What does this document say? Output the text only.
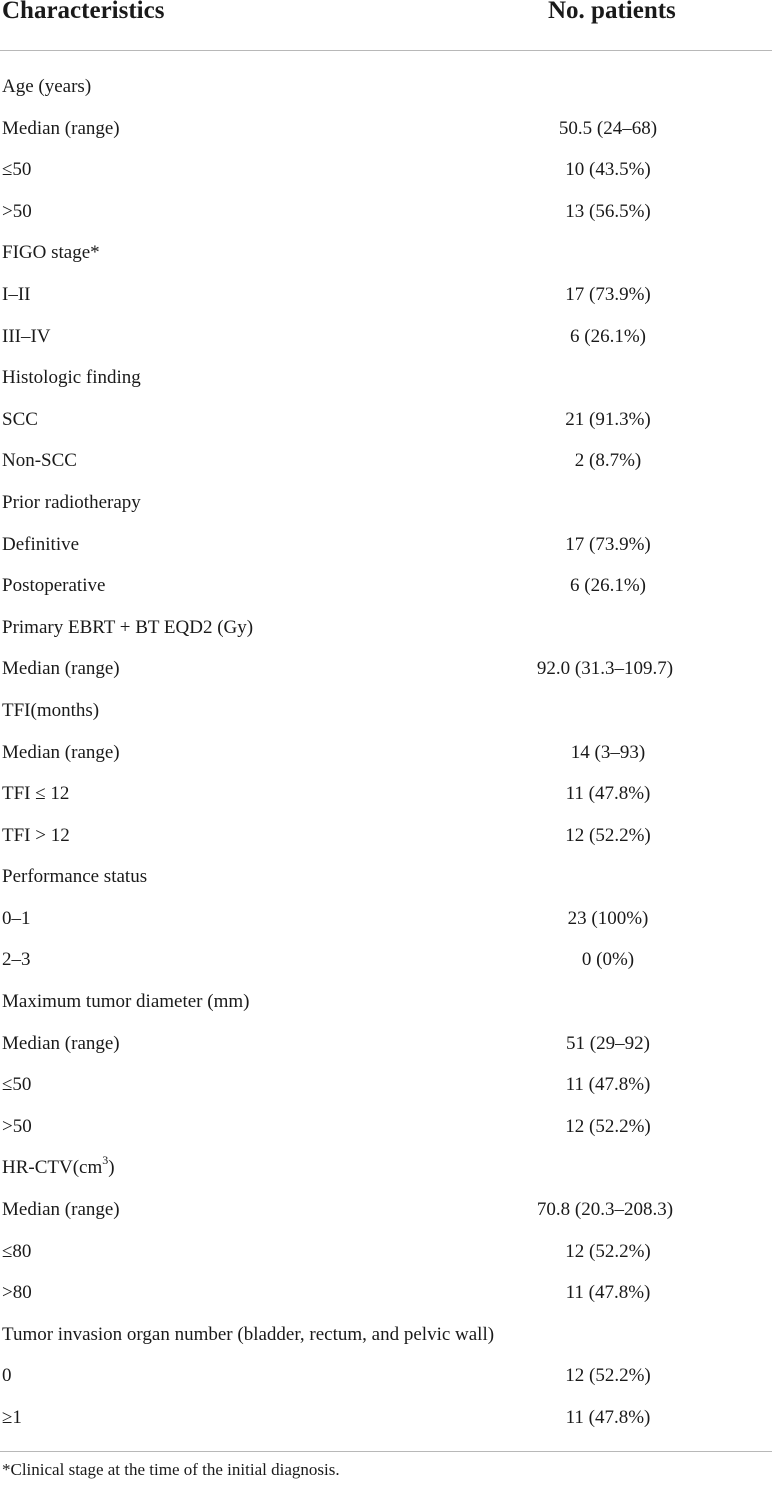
Characteristics	No. patients
Age (years)
Median (range)	50.5 (24–68)
≤50	10 (43.5%)
>50	13 (56.5%)
FIGO stage*
I–II	17 (73.9%)
III–IV	6 (26.1%)
Histologic finding
SCC	21 (91.3%)
Non-SCC	2 (8.7%)
Prior radiotherapy
Definitive	17 (73.9%)
Postoperative	6 (26.1%)
Primary EBRT + BT EQD2 (Gy)
Median (range)	92.0 (31.3–109.7)
TFI(months)
Median (range)	14 (3–93)
TFI ≤ 12	11 (47.8%)
TFI > 12	12 (52.2%)
Performance status
0–1	23 (100%)
2–3	0 (0%)
Maximum tumor diameter (mm)
Median (range)	51 (29–92)
≤50	11 (47.8%)
>50	12 (52.2%)
$HR-CTV(cm^3)$
Median (range)	70.8 (20.3–208.3)
≤80	12 (52.2%)
>80	11 (47.8%)
Tumor invasion organ number (bladder, rectum, and pelvic wall)
0	12 (52.2%)
≥1	11 (47.8%)
*Clinical stage at the time of the initial diagnosis.
